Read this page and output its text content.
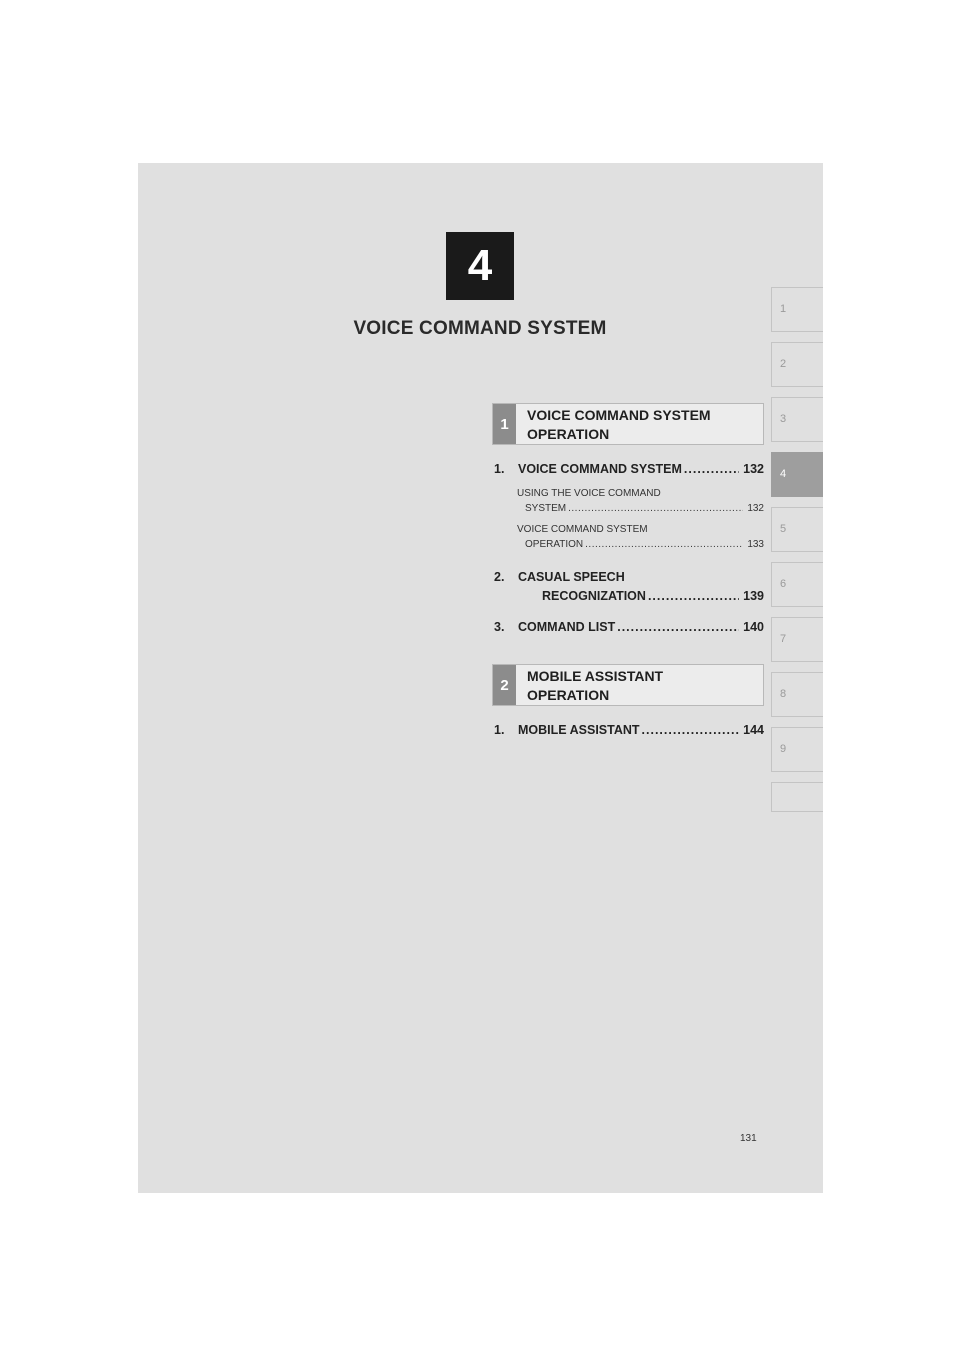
4
VOICE COMMAND SYSTEM
1
2
3
4
5
6
7
8
9
1
VOICE COMMAND SYSTEM
OPERATION
1.	VOICE COMMAND SYSTEM .....	132
USING THE VOICE COMMAND
SYSTEM .....	132
VOICE COMMAND SYSTEM
OPERATION .....	133
2.	CASUAL SPEECH
RECOGNIZATION .....	139
3.	COMMAND LIST .....	140
2
MOBILE ASSISTANT
OPERATION
1.	MOBILE ASSISTANT .....	144
131
